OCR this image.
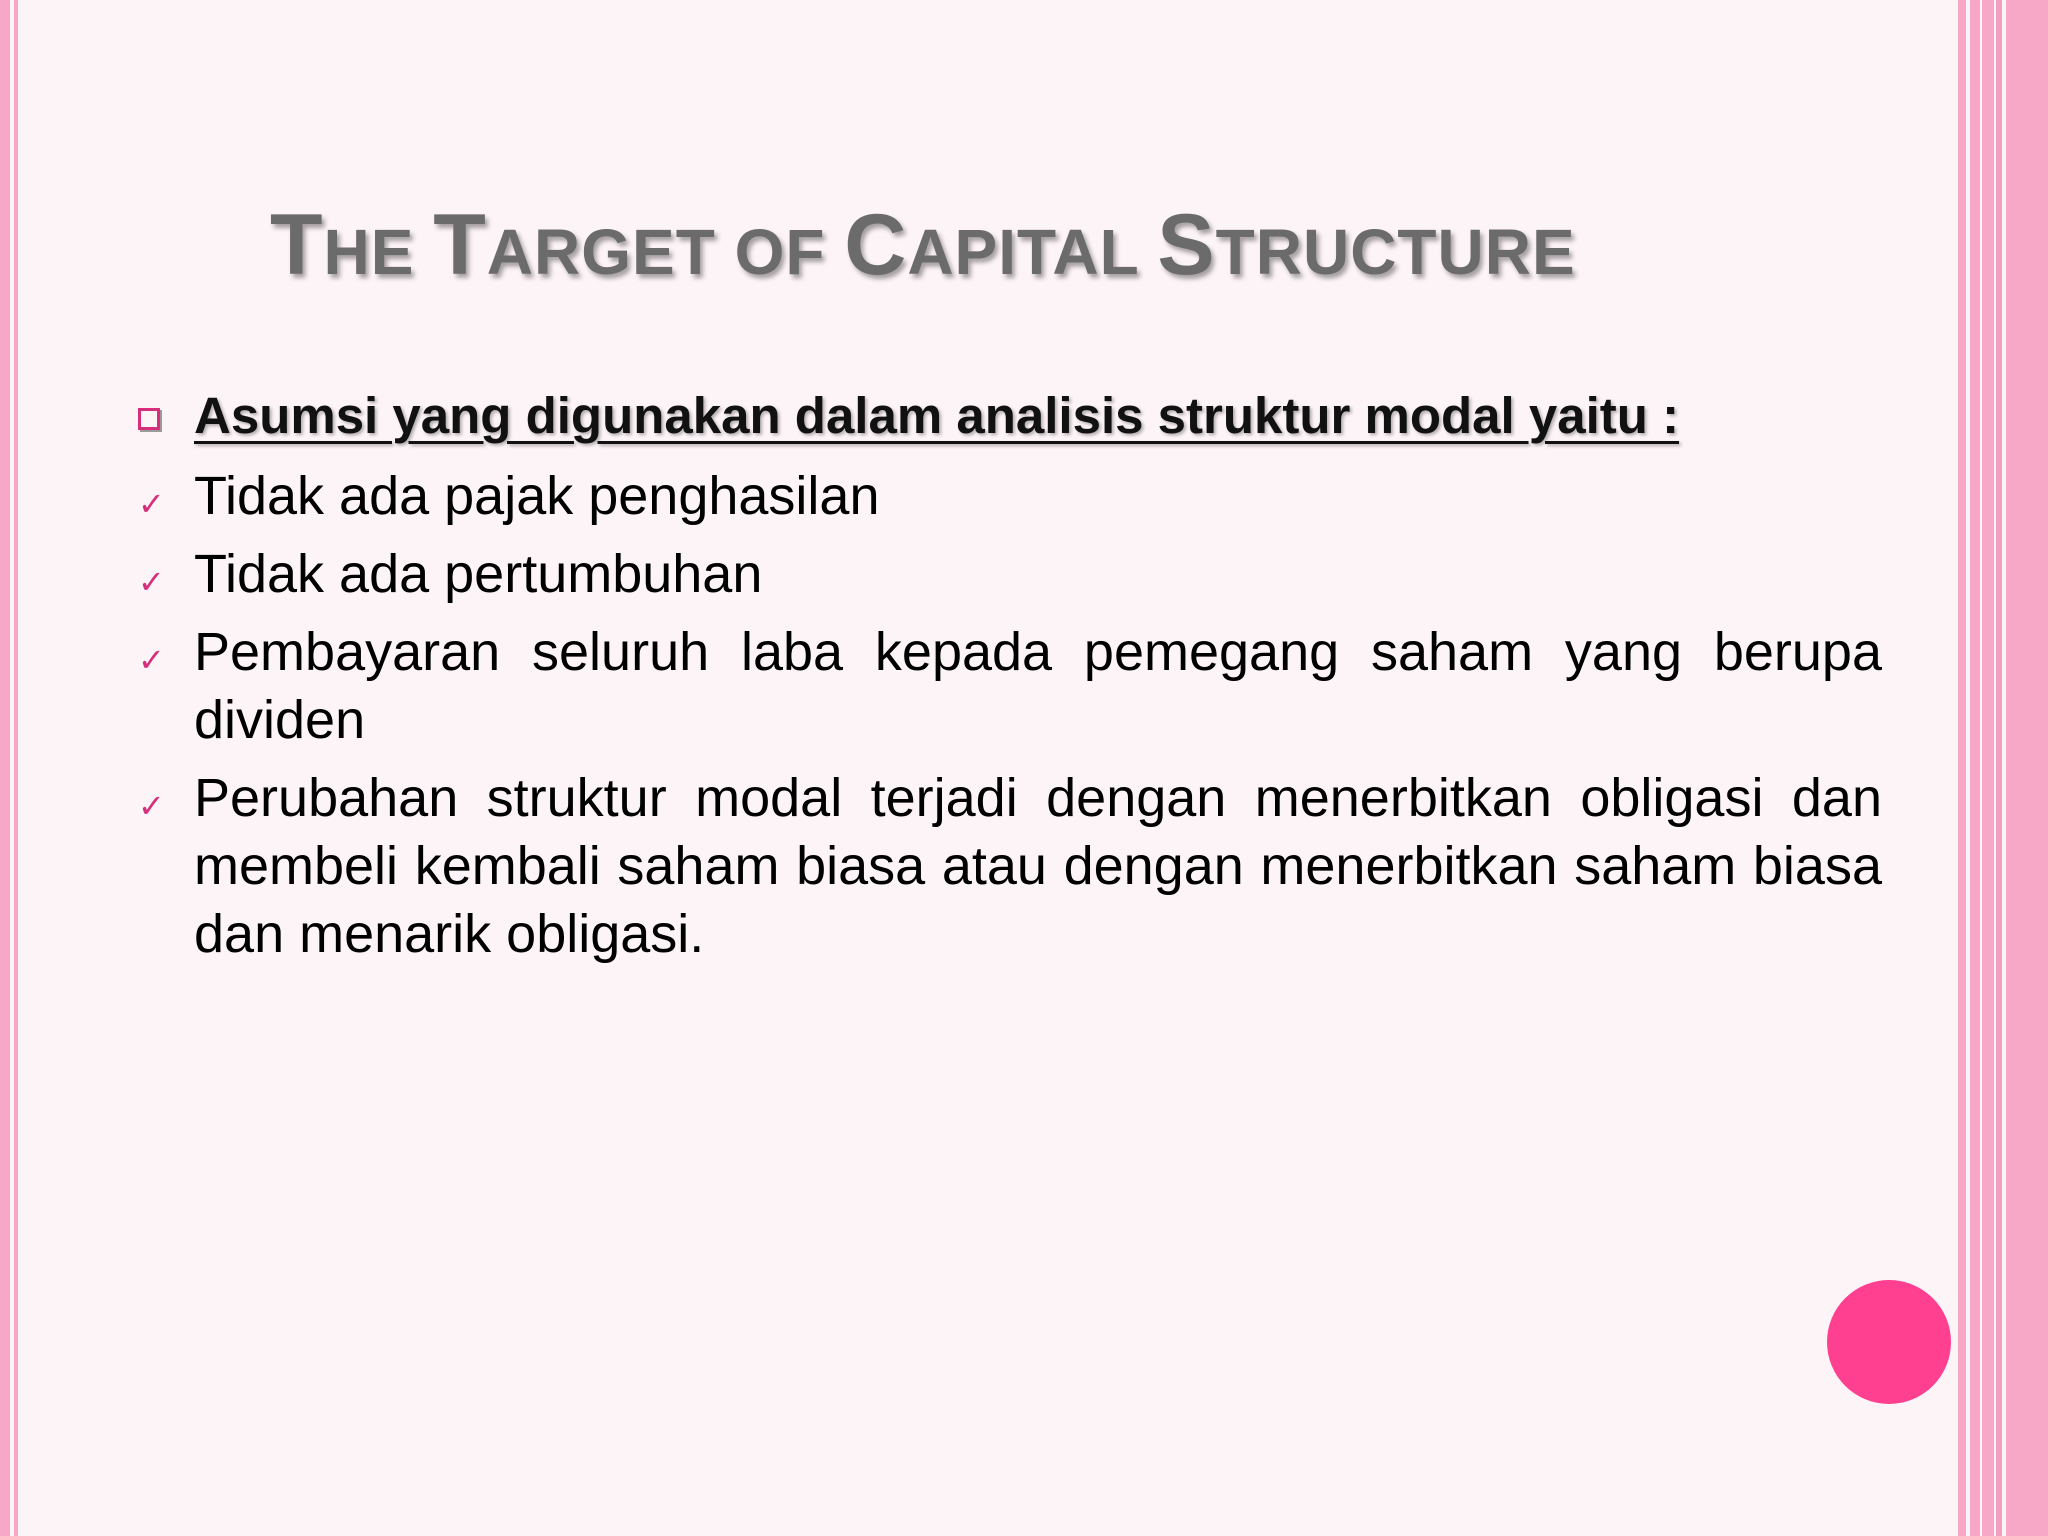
THE TARGET OF CAPITAL STRUCTURE
Asumsi yang digunakan dalam analisis struktur modal yaitu :
✓ Tidak ada pajak penghasilan
✓ Tidak ada pertumbuhan
✓ Pembayaran seluruh laba kepada pemegang saham yang berupa dividen
✓ Perubahan struktur modal terjadi dengan menerbitkan obligasi dan membeli kembali saham biasa atau dengan menerbitkan saham biasa dan menarik obligasi.
